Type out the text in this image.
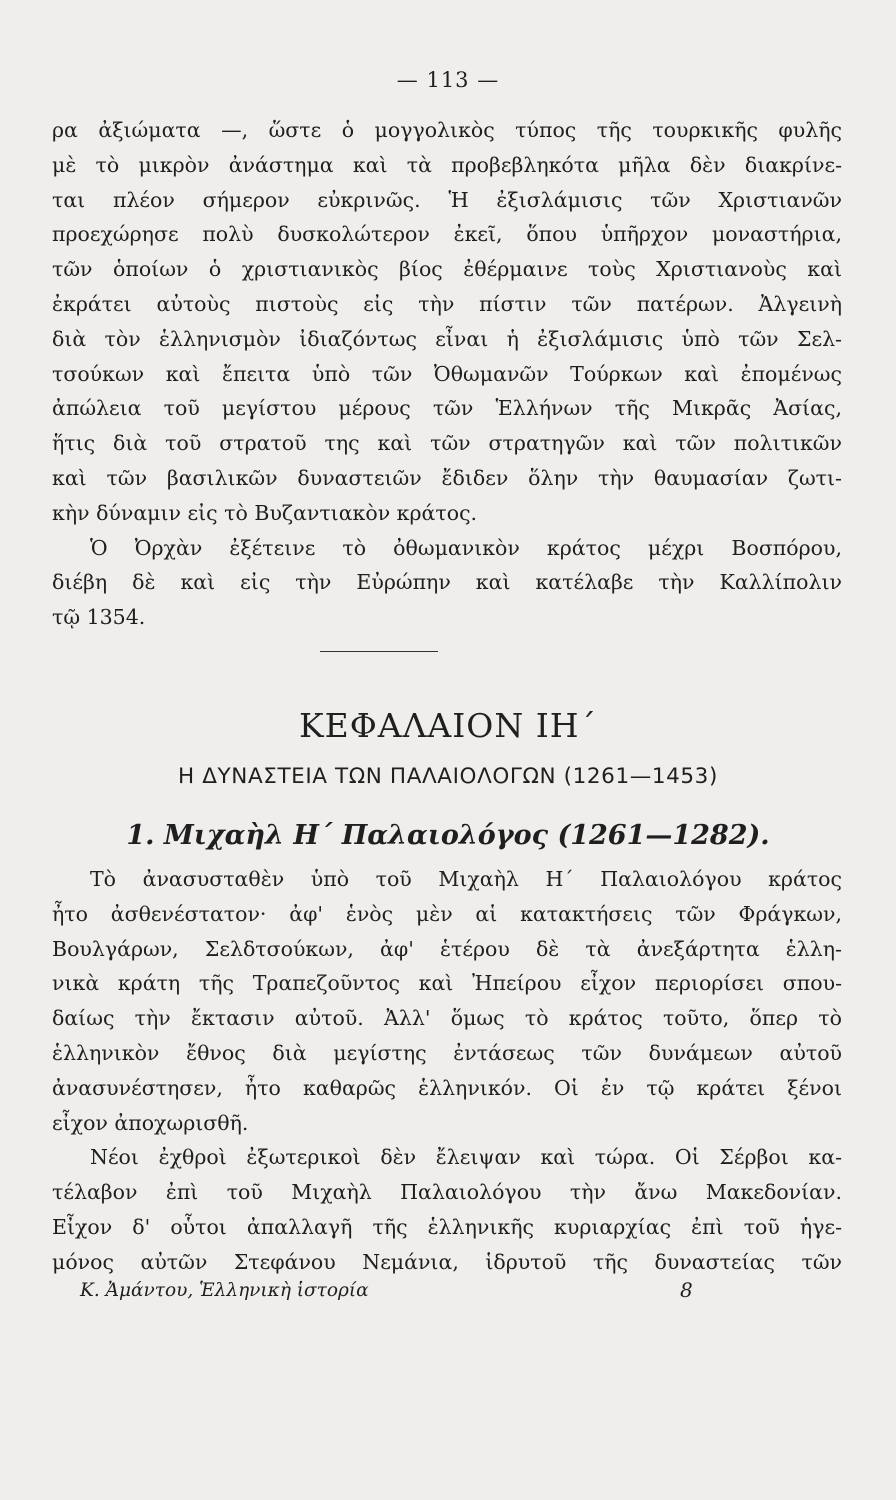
— 113 —
ρα ἀξιώματα —, ὥστε ὁ μογγολικὸς τύπος τῆς τουρκικῆς φυλῆς
μὲ τὸ μικρὸν ἀνάστημα καὶ τὰ προβεβληκότα μῆλα δὲν διακρίνε-
ται πλέον σήμερον εὐκρινῶς. Ἡ ἐξισλάμισις τῶν Χριστιανῶν
προεχώρησε πολὺ δυσκολώτερον ἐκεῖ, ὅπου ὑπῆρχον μοναστήρια,
τῶν ὁποίων ὁ χριστιανικὸς βίος ἐθέρμαινε τοὺς Χριστιανοὺς καὶ
ἐκράτει αὐτοὺς πιστοὺς εἰς τὴν πίστιν τῶν πατέρων. Ἀλγεινὴ
διὰ τὸν ἑλληνισμὸν ἰδιαζόντως εἶναι ἡ ἐξισλάμισις ὑπὸ τῶν Σελ-
τσούκων καὶ ἔπειτα ὑπὸ τῶν Ὀθωμανῶν Τούρκων καὶ ἐπομένως
ἀπώλεια τοῦ μεγίστου μέρους τῶν Ἑλλήνων τῆς Μικρᾶς Ἀσίας,
ἥτις διὰ τοῦ στρατοῦ της καὶ τῶν στρατηγῶν καὶ τῶν πολιτικῶν
καὶ τῶν βασιλικῶν δυναστειῶν ἔδιδεν ὅλην τὴν θαυμασίαν ζωτι-
κὴν δύναμιν εἰς τὸ Βυζαντιακὸν κράτος.
Ὁ Ὀρχὰν ἐξέτεινε τὸ ὀθωμανικὸν κράτος μέχρι Βοσπόρου,
διέβη δὲ καὶ εἰς τὴν Εὐρώπην καὶ κατέλαβε τὴν Καλλίπολιν
τῷ 1354.
ΚΕΦΑΛΑΙΟΝ ΙΗ΄
Η ΔΥΝΑΣΤΕΙΑ ΤΩΝ ΠΑΛΑΙΟΛΟΓΩΝ (1261—1453)
1. Μιχαὴλ Η΄ Παλαιολόγος (1261—1282).
Τὸ ἀνασυσταθὲν ὑπὸ τοῦ Μιχαὴλ Η΄ Παλαιολόγου κράτος
ἦτο ἀσθενέστατον· ἀφ' ἑνὸς μὲν αἱ κατακτήσεις τῶν Φράγκων,
Βουλγάρων, Σελδτσούκων, ἀφ' ἑτέρου δὲ τὰ ἀνεξάρτητα ἑλλη-
νικὰ κράτη τῆς Τραπεζοῦντος καὶ Ἠπείρου εἶχον περιορίσει σπου-
δαίως τὴν ἔκτασιν αὐτοῦ. Ἀλλ' ὅμως τὸ κράτος τοῦτο, ὅπερ τὸ
ἑλληνικὸν ἔθνος διὰ μεγίστης ἐντάσεως τῶν δυνάμεων αὐτοῦ
ἀνασυνέστησεν, ἦτο καθαρῶς ἑλληνικόν. Οἱ ἐν τῷ κράτει ξένοι
εἶχον ἀποχωρισθῆ.
Νέοι ἐχθροὶ ἐξωτερικοὶ δὲν ἔλειψαν καὶ τώρα. Οἱ Σέρβοι κα-
τέλαβον ἐπὶ τοῦ Μιχαὴλ Παλαιολόγου τὴν ἄνω Μακεδονίαν.
Εἶχον δ' οὗτοι ἀπαλλαγῆ τῆς ἑλληνικῆς κυριαρχίας ἐπὶ τοῦ ἡγε-
μόνος αὐτῶν Στεφάνου Νεμάνια, ἱδρυτοῦ τῆς δυναστείας τῶν
Κ. Ἀμάντου, Ἑλληνικὴ ἱστορία	8
